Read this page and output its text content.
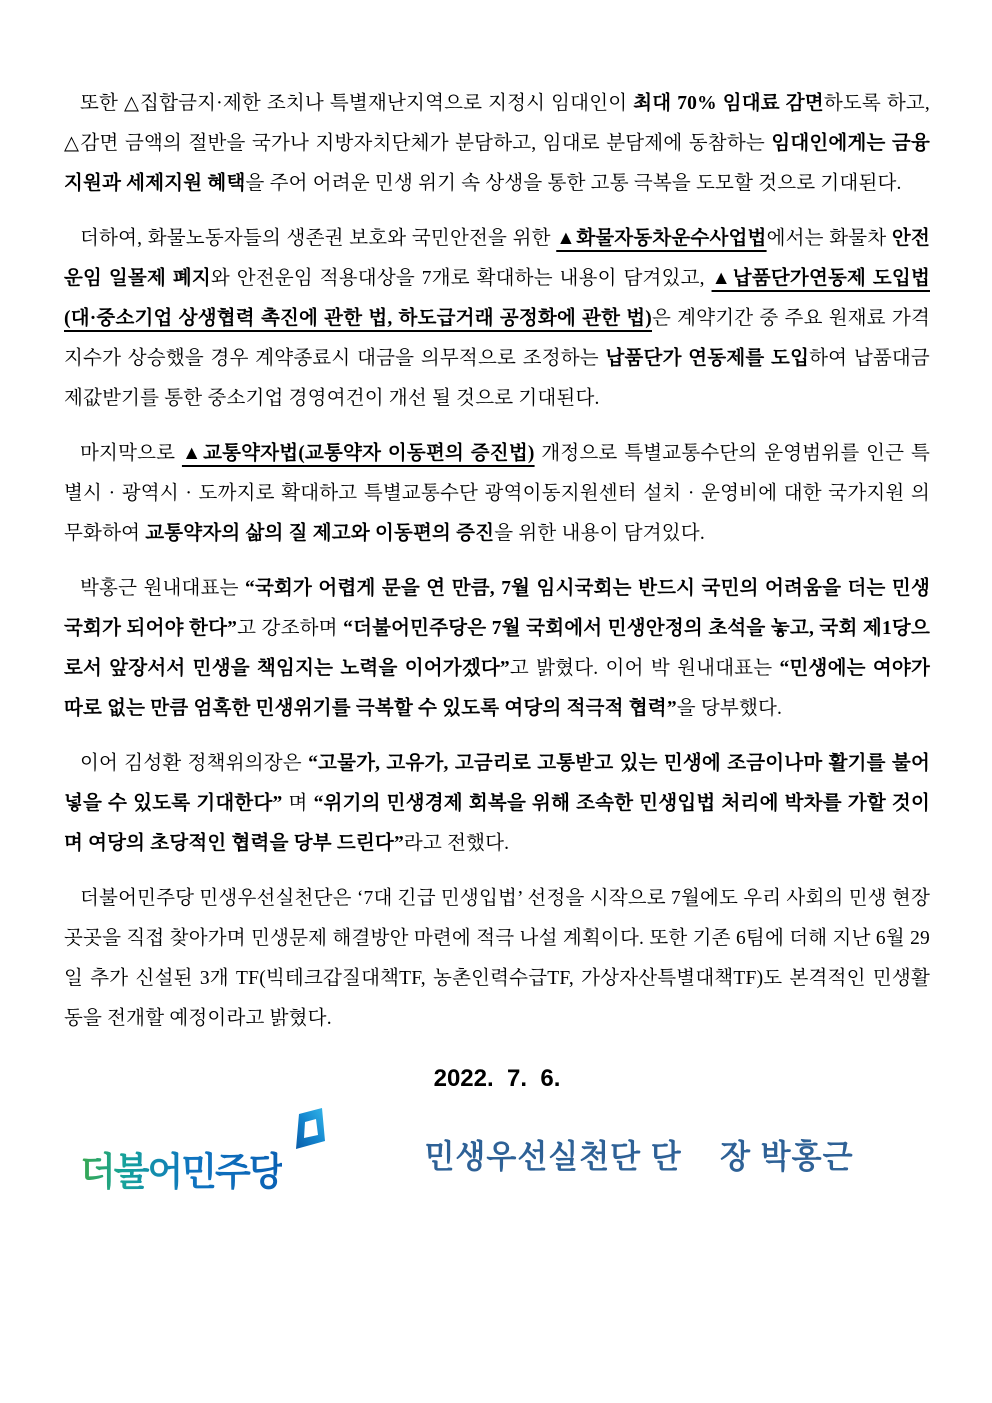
또한 △집합금지·제한 조치나 특별재난지역으로 지정시 임대인이 최대 70% 임대료 감면하도록 하고, △감면 금액의 절반을 국가나 지방자치단체가 분담하고, 임대로 분담제에 동참하는 임대인에게는 금융지원과 세제지원 혜택을 주어 어려운 민생 위기 속 상생을 통한 고통 극복을 도모할 것으로 기대된다.

더하여, 화물노동자들의 생존권 보호와 국민안전을 위한 ▲화물자동차운수사업법에서는 화물차 안전운임 일몰제 폐지와 안전운임 적용대상을 7개로 확대하는 내용이 담겨있고, ▲납품단가연동제 도입법(대·중소기업 상생협력 촉진에 관한 법, 하도급거래 공정화에 관한 법)은 계약기간 중 주요 원재료 가격 지수가 상승했을 경우 계약종료시 대금을 의무적으로 조정하는 납품단가 연동제를 도입하여 납품대금 제값받기를 통한 중소기업 경영여건이 개선 될 것으로 기대된다.

마지막으로 ▲교통약자법(교통약자 이동편의 증진법) 개정으로 특별교통수단의 운영범위를 인근 특별시 · 광역시 · 도까지로 확대하고 특별교통수단 광역이동지원센터 설치 · 운영비에 대한 국가지원 의무화하여 교통약자의 삶의 질 제고와 이동편의 증진을 위한 내용이 담겨있다.

박홍근 원내대표는 “국회가 어렵게 문을 연 만큼, 7월 임시국회는 반드시 국민의 어려움을 더는 민생국회가 되어야 한다”고 강조하며 “더불어민주당은 7월 국회에서 민생안정의 초석을 놓고, 국회 제1당으로서 앞장서서 민생을 책임지는 노력을 이어가겠다”고 밝혔다. 이어 박 원내대표는 “민생에는 여야가 따로 없는 만큼 엄혹한 민생위기를 극복할 수 있도록 여당의 적극적 협력”을 당부했다.

이어 김성환 정책위의장은 “고물가, 고유가, 고금리로 고통받고 있는 민생에 조금이나마 활기를 불어넣을 수 있도록 기대한다” 며 “위기의 민생경제 회복을 위해 조속한 민생입법 처리에 박차를 가할 것이며 여당의 초당적인 협력을 당부 드린다”라고 전했다.

더불어민주당 민생우선실천단은 ‘7대 긴급 민생입법’ 선정을 시작으로 7월에도 우리 사회의 민생 현장 곳곳을 직접 찾아가며 민생문제 해결방안 마련에 적극 나설 계획이다. 또한 기존 6팀에 더해 지난 6월 29일 추가 신설된 3개 TF(빅테크갑질대책TF, 농촌인력수급TF, 가상자산특별대책TF)도 본격적인 민생활동을 전개할 예정이라고 밝혔다.

2022.  7.  6.
더불어민주당	민생우선실천단 단    장 박홍근
